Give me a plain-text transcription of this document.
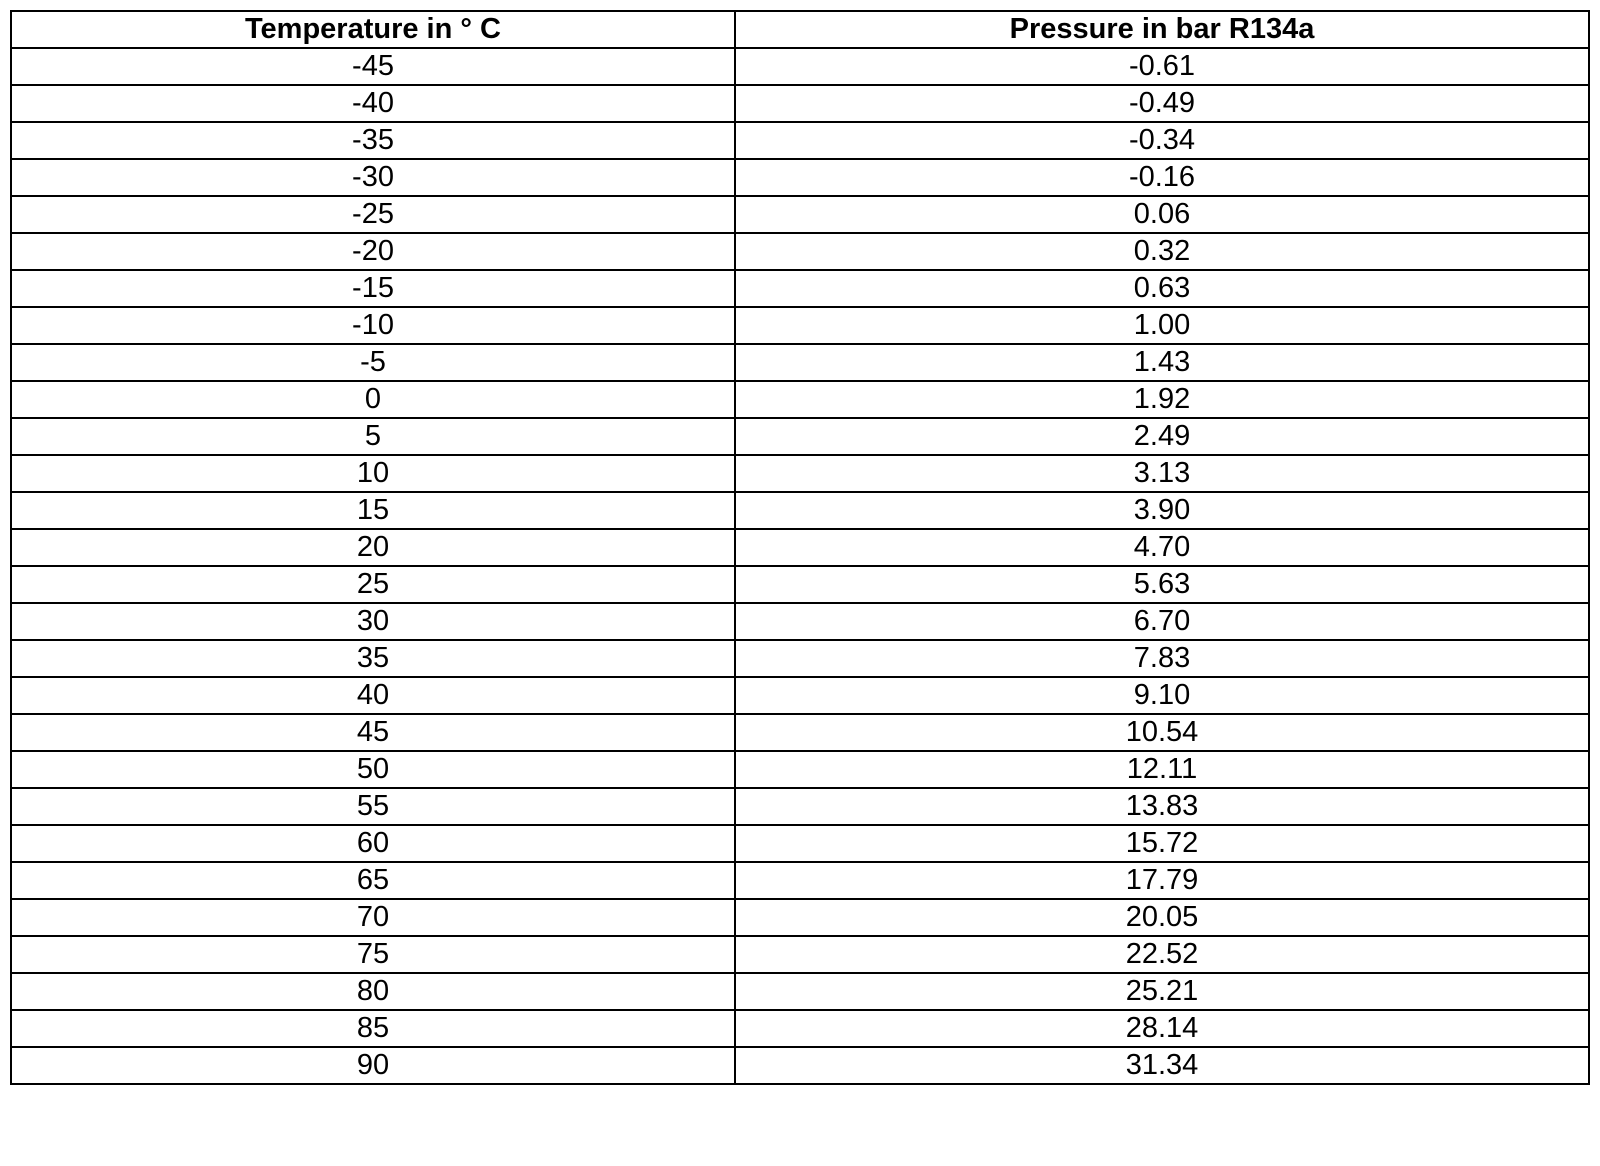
Temperature in ° C	Pressure in bar R134a
-45	-0.61
-40	-0.49
-35	-0.34
-30	-0.16
-25	0.06
-20	0.32
-15	0.63
-10	1.00
-5	1.43
0	1.92
5	2.49
10	3.13
15	3.90
20	4.70
25	5.63
30	6.70
35	7.83
40	9.10
45	10.54
50	12.11
55	13.83
60	15.72
65	17.79
70	20.05
75	22.52
80	25.21
85	28.14
90	31.34
